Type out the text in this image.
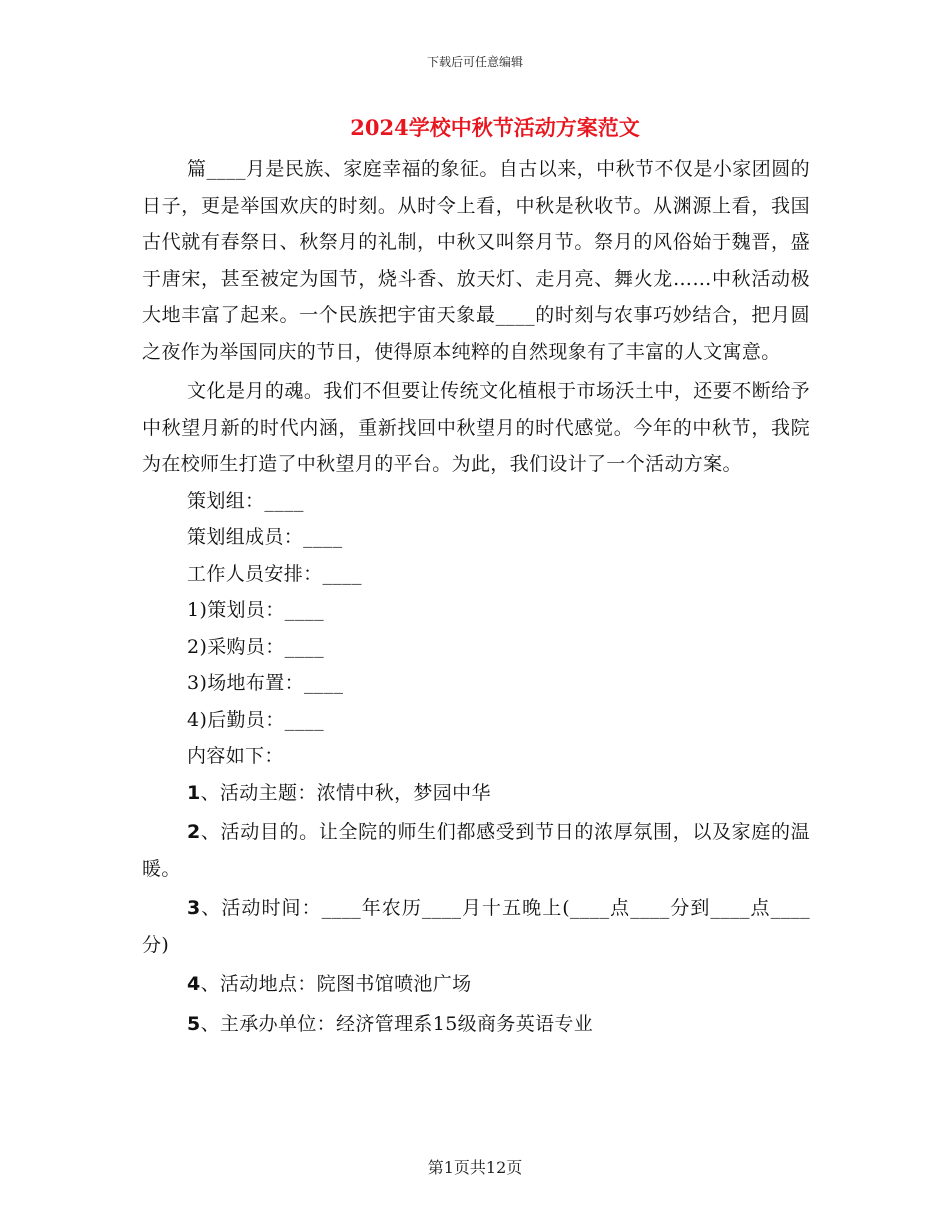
下载后可任意编辑
2024学校中秋节活动方案范文

篇____月是民族、家庭幸福的象征。自古以来，中秋节不仅是小家团圆的日子，更是举国欢庆的时刻。从时令上看，中秋是秋收节。从渊源上看，我国古代就有春祭日、秋祭月的礼制，中秋又叫祭月节。祭月的风俗始于魏晋，盛于唐宋，甚至被定为国节，烧斗香、放天灯、走月亮、舞火龙……中秋活动极大地丰富了起来。一个民族把宇宙天象最____的时刻与农事巧妙结合，把月圆之夜作为举国同庆的节日，使得原本纯粹的自然现象有了丰富的人文寓意。

文化是月的魂。我们不但要让传统文化植根于市场沃土中，还要不断给予中秋望月新的时代内涵，重新找回中秋望月的时代感觉。今年的中秋节，我院为在校师生打造了中秋望月的平台。为此，我们设计了一个活动方案。

策划组：____

策划组成员：____

工作人员安排：____

1)策划员：____

2)采购员：____

3)场地布置：____

4)后勤员：____

内容如下：

1、活动主题：浓情中秋，梦园中华

2、活动目的。让全院的师生们都感受到节日的浓厚氛围，以及家庭的温暖。

3、活动时间：____年农历____月十五晚上(____点____分到____点____分)

4、活动地点：院图书馆喷池广场

5、主承办单位：经济管理系15级商务英语专业

第1页共12页
